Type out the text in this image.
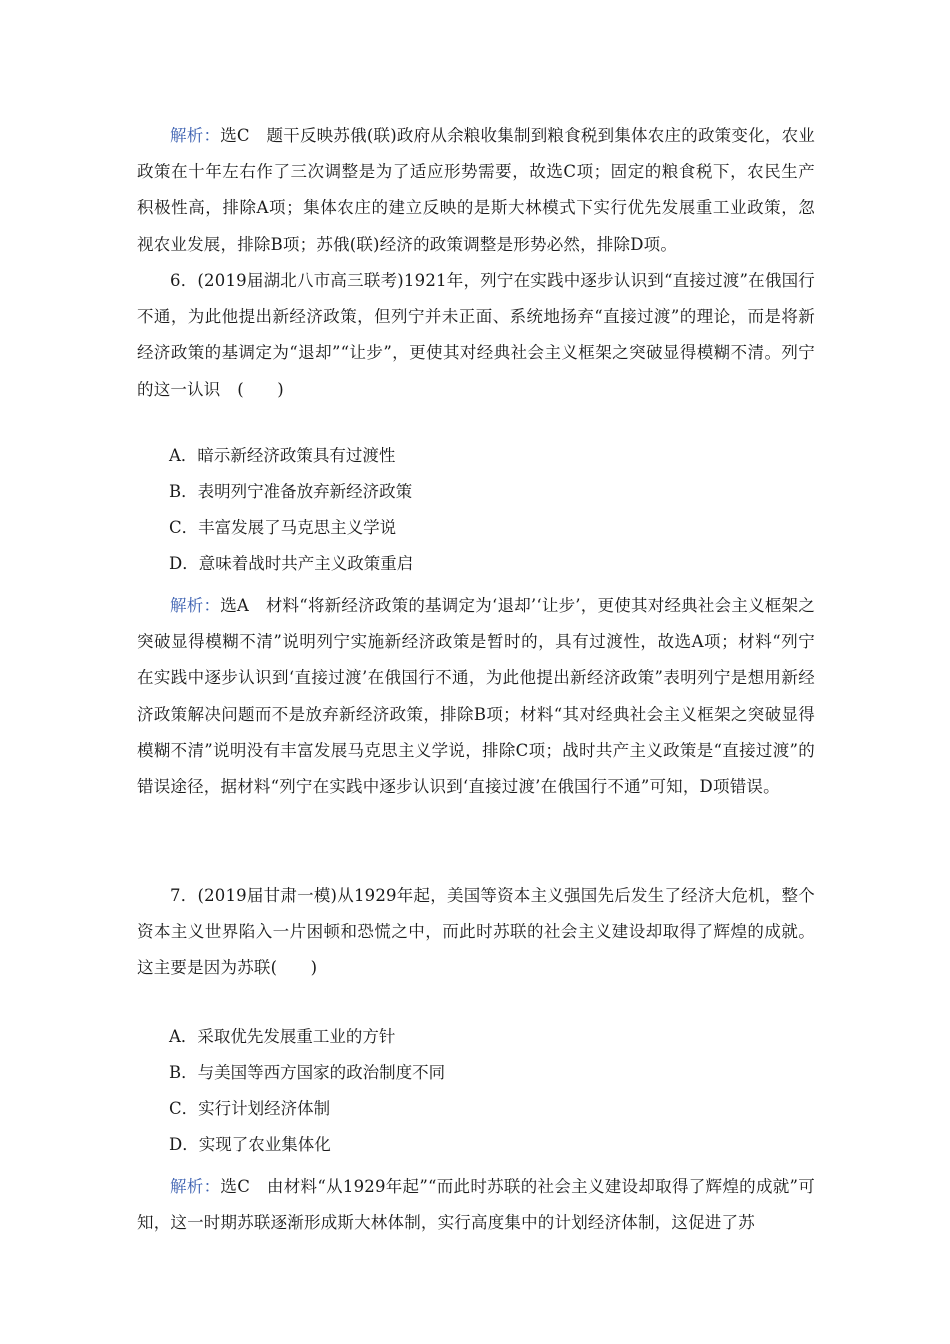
解析：选C　题干反映苏俄(联)政府从余粮收集制到粮食税到集体农庄的政策变化，农业政策在十年左右作了三次调整是为了适应形势需要，故选C项；固定的粮食税下，农民生产积极性高，排除A项；集体农庄的建立反映的是斯大林模式下实行优先发展重工业政策，忽视农业发展，排除B项；苏俄(联)经济的政策调整是形势必然，排除D项。

6．(2019届湖北八市高三联考)1921年，列宁在实践中逐步认识到“直接过渡”在俄国行不通，为此他提出新经济政策，但列宁并未正面、系统地扬弃“直接过渡”的理论，而是将新经济政策的基调定为“退却”“让步”，更使其对经典社会主义框架之突破显得模糊不清。列宁的这一认识　(　　)

A．暗示新经济政策具有过渡性

B．表明列宁准备放弃新经济政策

C．丰富发展了马克思主义学说

D．意味着战时共产主义政策重启

解析：选A　材料“将新经济政策的基调定为‘退却’‘让步’，更使其对经典社会主义框架之突破显得模糊不清”说明列宁实施新经济政策是暂时的，具有过渡性，故选A项；材料“列宁在实践中逐步认识到‘直接过渡’在俄国行不通，为此他提出新经济政策”表明列宁是想用新经济政策解决问题而不是放弃新经济政策，排除B项；材料“其对经典社会主义框架之突破显得模糊不清”说明没有丰富发展马克思主义学说，排除C项；战时共产主义政策是“直接过渡”的错误途径，据材料“列宁在实践中逐步认识到‘直接过渡’在俄国行不通”可知，D项错误。

7．(2019届甘肃一模)从1929年起，美国等资本主义强国先后发生了经济大危机，整个资本主义世界陷入一片困顿和恐慌之中，而此时苏联的社会主义建设却取得了辉煌的成就。这主要是因为苏联(　　)

A．采取优先发展重工业的方针

B．与美国等西方国家的政治制度不同

C．实行计划经济体制

D．实现了农业集体化

解析：选C　由材料“从1929年起”“而此时苏联的社会主义建设却取得了辉煌的成就”可知，这一时期苏联逐渐形成斯大林体制，实行高度集中的计划经济体制，这促进了苏
